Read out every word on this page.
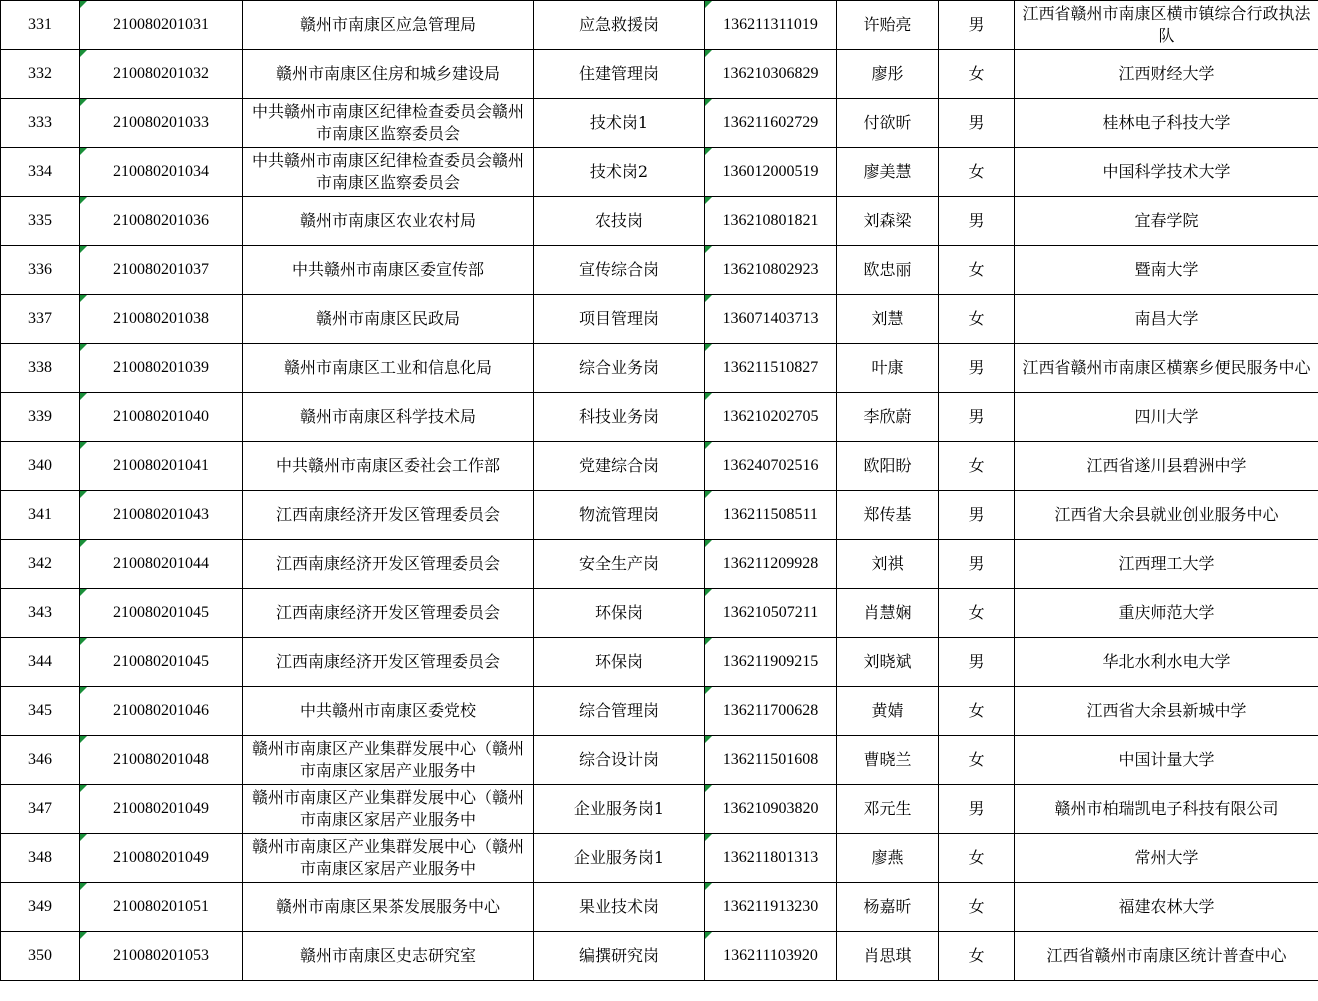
331	210080201031	赣州市南康区应急管理局	应急救援岗	136211311019	许贻亮	男	江西省赣州市南康区横市镇综合行政执法队

332	210080201032	赣州市南康区住房和城乡建设局	住建管理岗	136210306829	廖彤	女	江西财经大学

333	210080201033	中共赣州市南康区纪律检查委员会赣州市南康区监察委员会	技术岗1	136211602729	付欲昕	男	桂林电子科技大学

334	210080201034	中共赣州市南康区纪律检查委员会赣州市南康区监察委员会	技术岗2	136012000519	廖美慧	女	中国科学技术大学

335	210080201036	赣州市南康区农业农村局	农技岗	136210801821	刘森梁	男	宜春学院

336	210080201037	中共赣州市南康区委宣传部	宣传综合岗	136210802923	欧忠丽	女	暨南大学

337	210080201038	赣州市南康区民政局	项目管理岗	136071403713	刘慧	女	南昌大学

338	210080201039	赣州市南康区工业和信息化局	综合业务岗	136211510827	叶康	男	江西省赣州市南康区横寨乡便民服务中心

339	210080201040	赣州市南康区科学技术局	科技业务岗	136210202705	李欣蔚	男	四川大学

340	210080201041	中共赣州市南康区委社会工作部	党建综合岗	136240702516	欧阳盼	女	江西省遂川县碧洲中学

341	210080201043	江西南康经济开发区管理委员会	物流管理岗	136211508511	郑传基	男	江西省大余县就业创业服务中心

342	210080201044	江西南康经济开发区管理委员会	安全生产岗	136211209928	刘祺	男	江西理工大学

343	210080201045	江西南康经济开发区管理委员会	环保岗	136210507211	肖慧娴	女	重庆师范大学

344	210080201045	江西南康经济开发区管理委员会	环保岗	136211909215	刘晓斌	男	华北水利水电大学

345	210080201046	中共赣州市南康区委党校	综合管理岗	136211700628	黄婧	女	江西省大余县新城中学

346	210080201048	赣州市南康区产业集群发展中心（赣州市南康区家居产业服务中	综合设计岗	136211501608	曹晓兰	女	中国计量大学

347	210080201049	赣州市南康区产业集群发展中心（赣州市南康区家居产业服务中	企业服务岗1	136210903820	邓元生	男	赣州市柏瑞凯电子科技有限公司

348	210080201049	赣州市南康区产业集群发展中心（赣州市南康区家居产业服务中	企业服务岗1	136211801313	廖燕	女	常州大学

349	210080201051	赣州市南康区果茶发展服务中心	果业技术岗	136211913230	杨嘉昕	女	福建农林大学

350	210080201053	赣州市南康区史志研究室	编撰研究岗	136211103920	肖思琪	女	江西省赣州市南康区统计普查中心
